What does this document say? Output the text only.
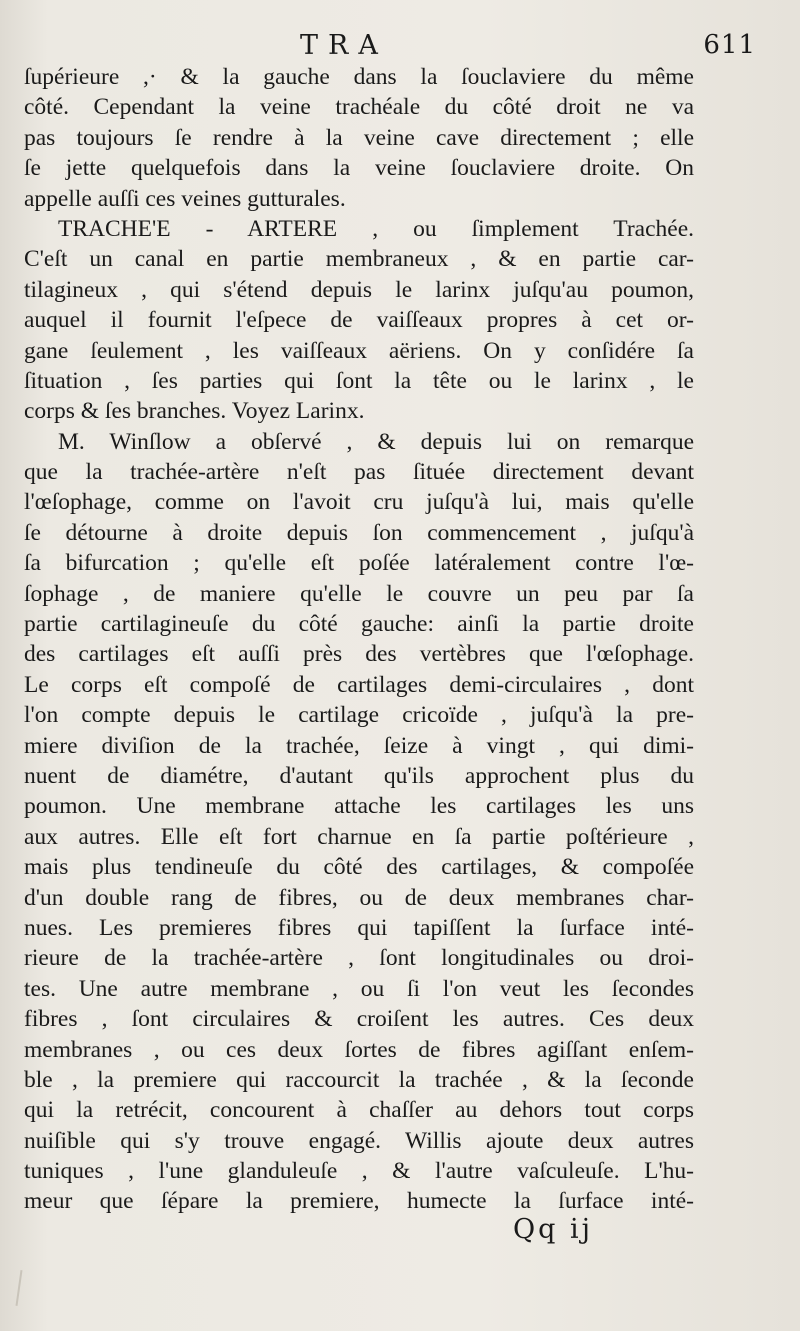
TRA	611
ſupérieure ,· & la gauche dans la ſouclaviere du même
côté. Cependant la veine trachéale du côté droit ne va
pas toujours ſe rendre à la veine cave directement ; elle
ſe jette quelquefois dans la veine ſouclaviere droite. On
appelle auſſi ces veines gutturales.
TRACHE'E - ARTERE , ou ſimplement Trachée.
C'eſt un canal en partie membraneux , & en partie car-
tilagineux , qui s'étend depuis le larinx juſqu'au poumon,
auquel il fournit l'eſpece de vaiſſeaux propres à cet or-
gane ſeulement , les vaiſſeaux aëriens. On y conſidére ſa
ſituation , ſes parties qui ſont la tête ou le larinx , le
corps & ſes branches. Voyez Larinx.
M. Winſlow a obſervé , & depuis lui on remarque
que la trachée-artère n'eſt pas ſituée directement devant
l'œſophage, comme on l'avoit cru juſqu'à lui, mais qu'elle
ſe détourne à droite depuis ſon commencement , juſqu'à
ſa bifurcation ; qu'elle eſt poſée latéralement contre l'œ-
ſophage , de maniere qu'elle le couvre un peu par ſa
partie cartilagineuſe du côté gauche: ainſi la partie droite
des cartilages eſt auſſi près des vertèbres que l'œſophage.
Le corps eſt compoſé de cartilages demi-circulaires , dont
l'on compte depuis le cartilage cricoïde , juſqu'à la pre-
miere diviſion de la trachée, ſeize à vingt , qui dimi-
nuent de diamétre, d'autant qu'ils approchent plus du
poumon. Une membrane attache les cartilages les uns
aux autres. Elle eſt fort charnue en ſa partie poſtérieure ,
mais plus tendineuſe du côté des cartilages, & compoſée
d'un double rang de fibres, ou de deux membranes char-
nues. Les premieres fibres qui tapiſſent la ſurface inté-
rieure de la trachée-artère , ſont longitudinales ou droi-
tes. Une autre membrane , ou ſi l'on veut les ſecondes
fibres , ſont circulaires & croiſent les autres. Ces deux
membranes , ou ces deux ſortes de fibres agiſſant enſem-
ble , la premiere qui raccourcit la trachée , & la ſeconde
qui la retrécit, concourent à chaſſer au dehors tout corps
nuiſible qui s'y trouve engagé. Willis ajoute deux autres
tuniques , l'une glanduleuſe , & l'autre vaſculeuſe. L'hu-
meur que ſépare la premiere, humecte la ſurface inté-
Qq ij
